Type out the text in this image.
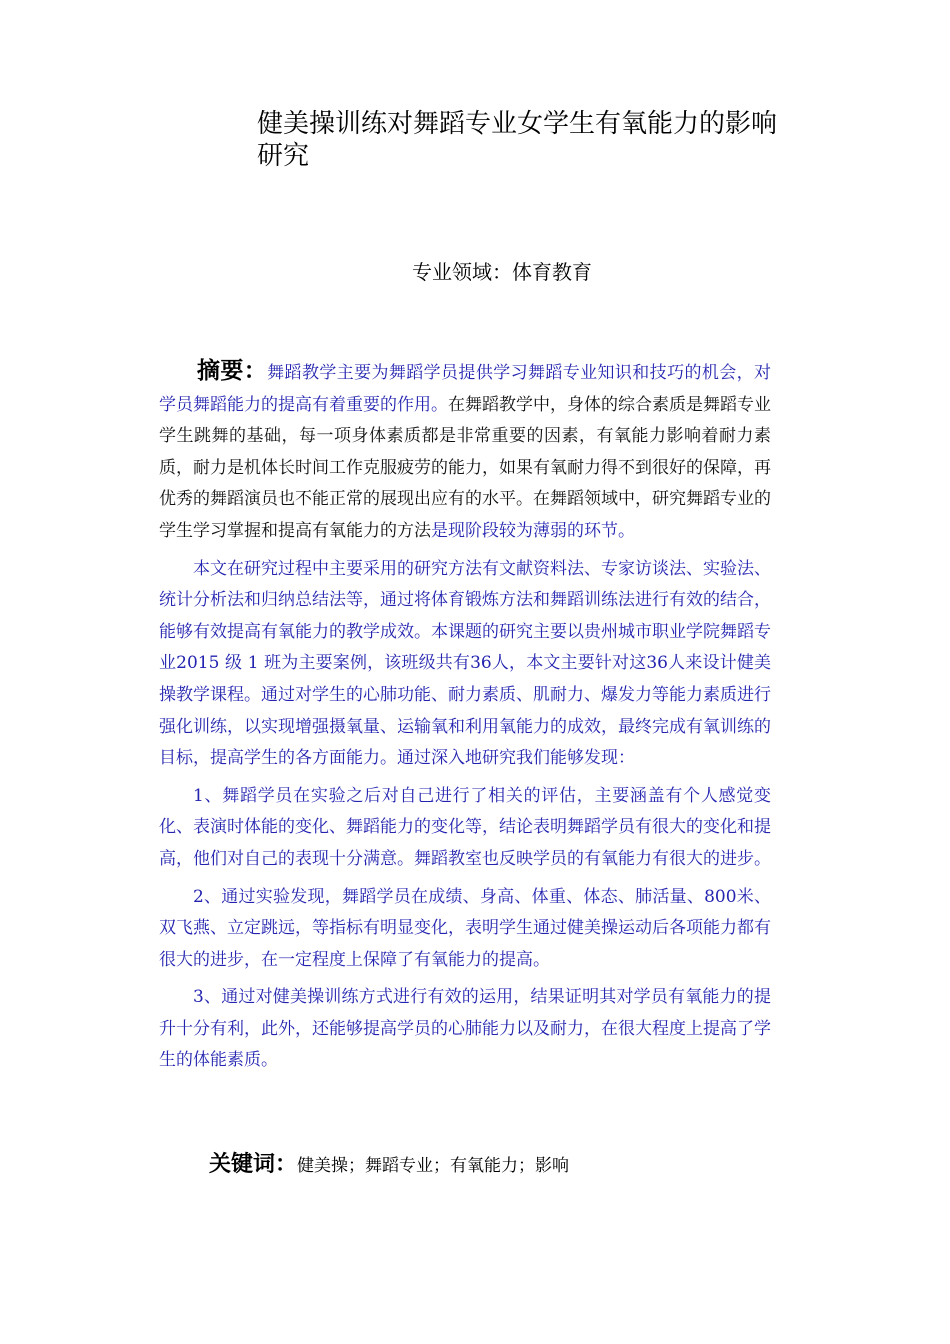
健美操训练对舞蹈专业女学生有氧能力的影响研究
专业领域：体育教育

摘要：舞蹈教学主要为舞蹈学员提供学习舞蹈专业知识和技巧的机会，对学员舞蹈能力的提高有着重要的作用。在舞蹈教学中，身体的综合素质是舞蹈专业学生跳舞的基础，每一项身体素质都是非常重要的因素，有氧能力影响着耐力素质，耐力是机体长时间工作克服疲劳的能力，如果有氧耐力得不到很好的保障，再优秀的舞蹈演员也不能正常的展现出应有的水平。在舞蹈领域中，研究舞蹈专业的学生学习掌握和提高有氧能力的方法是现阶段较为薄弱的环节。

本文在研究过程中主要采用的研究方法有文献资料法、专家访谈法、实验法、统计分析法和归纳总结法等，通过将体育锻炼方法和舞蹈训练法进行有效的结合，能够有效提高有氧能力的教学成效。本课题的研究主要以贵州城市职业学院舞蹈专业2015 级 1 班为主要案例，该班级共有36人，本文主要针对这36人来设计健美操教学课程。通过对学生的心肺功能、耐力素质、肌耐力、爆发力等能力素质进行强化训练，以实现增强摄氧量、运输氧和利用氧能力的成效，最终完成有氧训练的目标，提高学生的各方面能力。通过深入地研究我们能够发现：

1、舞蹈学员在实验之后对自己进行了相关的评估，主要涵盖有个人感觉变化、表演时体能的变化、舞蹈能力的变化等，结论表明舞蹈学员有很大的变化和提高，他们对自己的表现十分满意。舞蹈教室也反映学员的有氧能力有很大的进步。

2、通过实验发现，舞蹈学员在成绩、身高、体重、体态、肺活量、800米、双飞燕、立定跳远，等指标有明显变化，表明学生通过健美操运动后各项能力都有很大的进步，在一定程度上保障了有氧能力的提高。

3、通过对健美操训练方式进行有效的运用，结果证明其对学员有氧能力的提升十分有利，此外，还能够提高学员的心肺能力以及耐力，在很大程度上提高了学生的体能素质。

关键词：健美操；舞蹈专业；有氧能力；影响
